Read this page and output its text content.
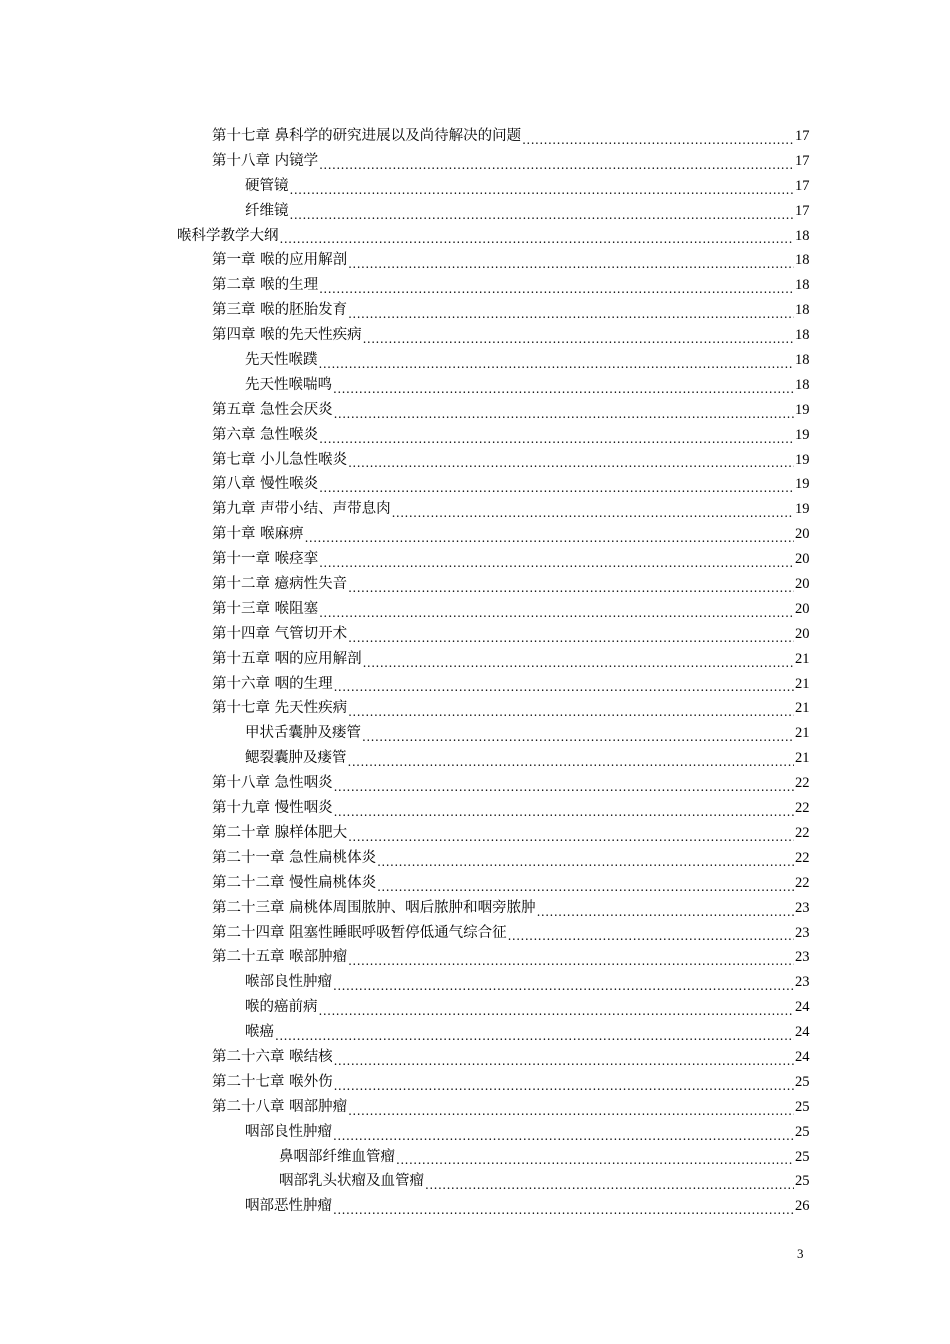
第十七章 鼻科学的研究进展以及尚待解决的问题 .....	17
第十八章 内镜学 .....	17
硬管镜 .....	17
纤维镜 .....	17
喉科学教学大纲 .....	18
第一章 喉的应用解剖 .....	18
第二章 喉的生理 .....	18
第三章 喉的胚胎发育 .....	18
第四章 喉的先天性疾病 .....	18
先天性喉蹼 .....	18
先天性喉喘鸣 .....	18
第五章 急性会厌炎 .....	19
第六章 急性喉炎 .....	19
第七章 小儿急性喉炎 .....	19
第八章 慢性喉炎 .....	19
第九章 声带小结、声带息肉 .....	19
第十章 喉麻痹 .....	20
第十一章 喉痉挛 .....	20
第十二章 癔病性失音 .....	20
第十三章 喉阻塞 .....	20
第十四章 气管切开术 .....	20
第十五章 咽的应用解剖 .....	21
第十六章 咽的生理 .....	21
第十七章 先天性疾病 .....	21
甲状舌囊肿及瘘管 .....	21
鳃裂囊肿及瘘管 .....	21
第十八章 急性咽炎 .....	22
第十九章 慢性咽炎 .....	22
第二十章 腺样体肥大 .....	22
第二十一章 急性扁桃体炎 .....	22
第二十二章 慢性扁桃体炎 .....	22
第二十三章 扁桃体周围脓肿、咽后脓肿和咽旁脓肿 .....	23
第二十四章 阻塞性睡眠呼吸暂停低通气综合征 .....	23
第二十五章 喉部肿瘤 .....	23
喉部良性肿瘤 .....	23
喉的癌前病 .....	24
喉癌 .....	24
第二十六章 喉结核 .....	24
第二十七章 喉外伤 .....	25
第二十八章 咽部肿瘤 .....	25
咽部良性肿瘤 .....	25
鼻咽部纤维血管瘤 .....	25
咽部乳头状瘤及血管瘤 .....	25
咽部恶性肿瘤 .....	26
3
